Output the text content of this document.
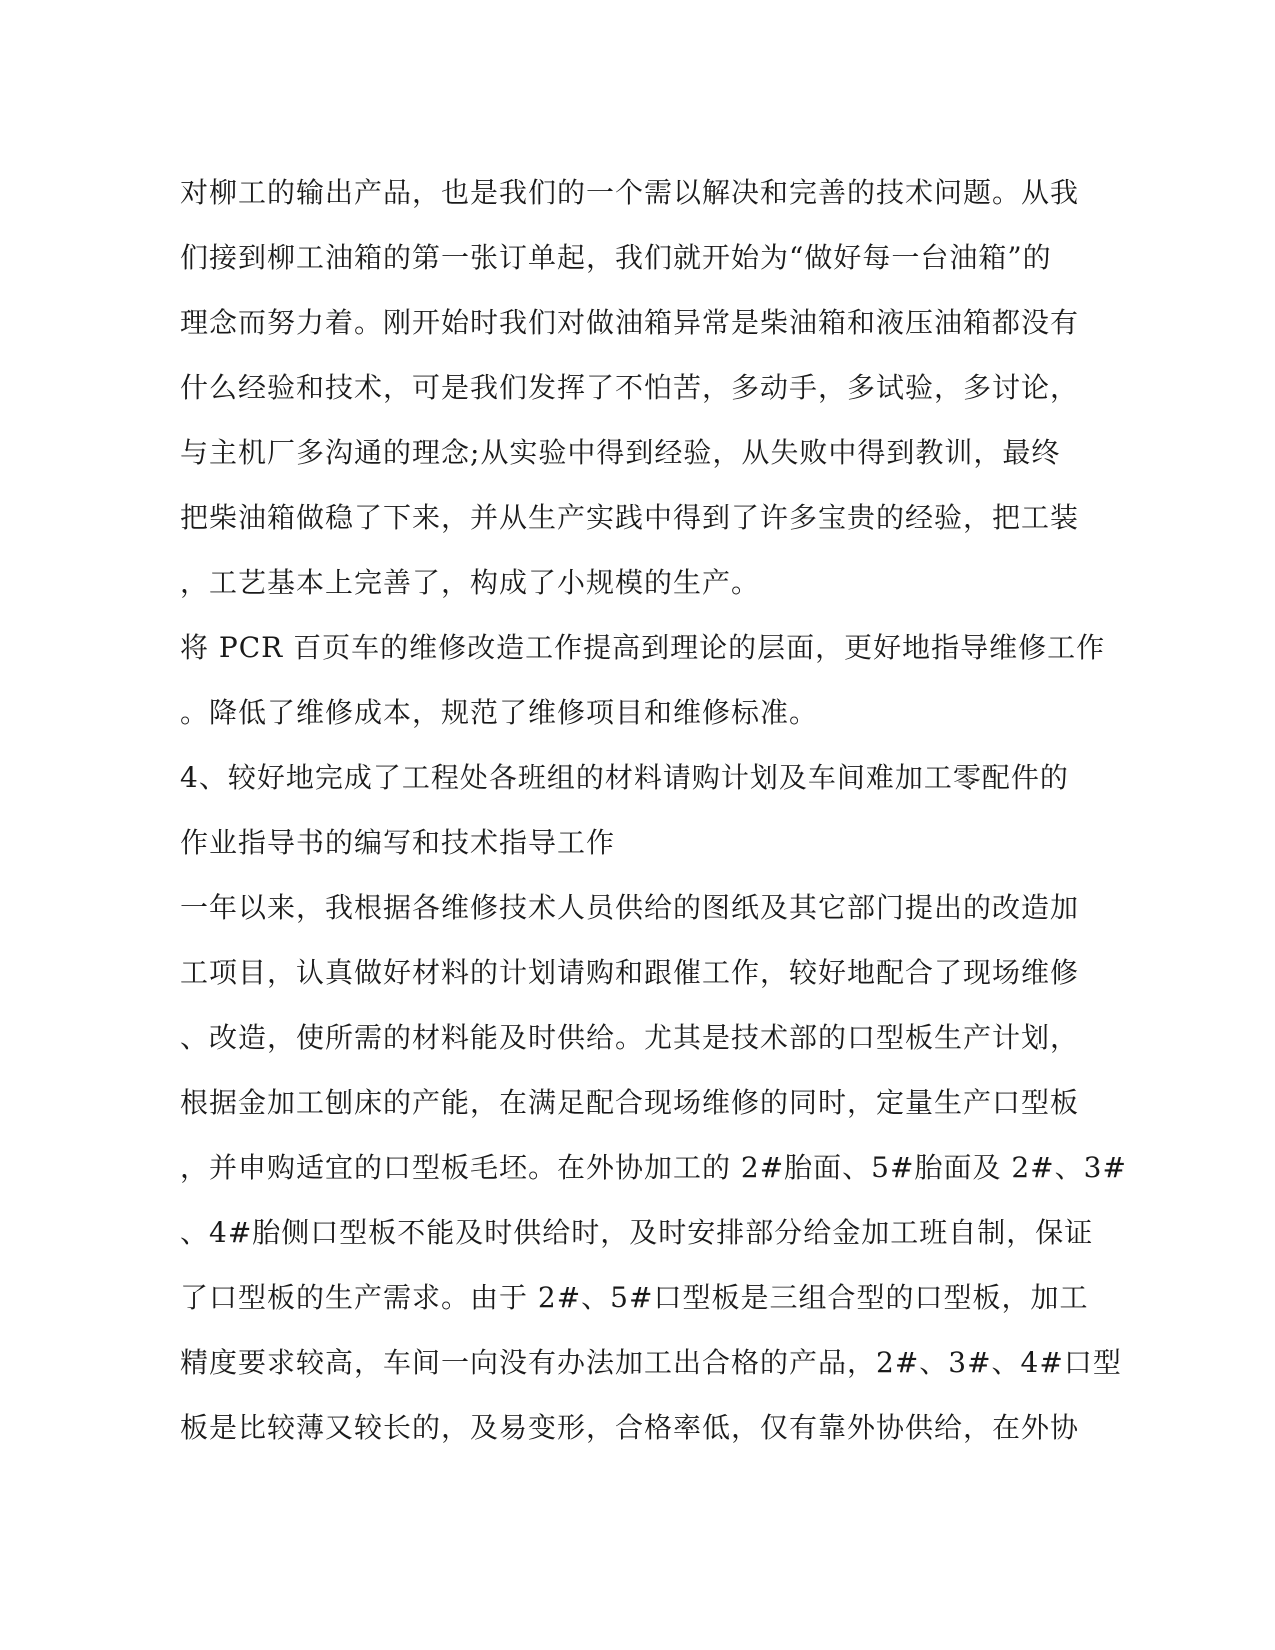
对柳工的输出产品，也是我们的一个需以解决和完善的技术问题。从我
们接到柳工油箱的第一张订单起，我们就开始为“做好每一台油箱”的
理念而努力着。刚开始时我们对做油箱异常是柴油箱和液压油箱都没有
什么经验和技术，可是我们发挥了不怕苦，多动手，多试验，多讨论，
与主机厂多沟通的理念;从实验中得到经验，从失败中得到教训，最终
把柴油箱做稳了下来，并从生产实践中得到了许多宝贵的经验，把工装
，工艺基本上完善了，构成了小规模的生产。
将 PCR 百页车的维修改造工作提高到理论的层面，更好地指导维修工作
。降低了维修成本，规范了维修项目和维修标准。
4、较好地完成了工程处各班组的材料请购计划及车间难加工零配件的
作业指导书的编写和技术指导工作
一年以来，我根据各维修技术人员供给的图纸及其它部门提出的改造加
工项目，认真做好材料的计划请购和跟催工作，较好地配合了现场维修
、改造，使所需的材料能及时供给。尤其是技术部的口型板生产计划，
根据金加工刨床的产能，在满足配合现场维修的同时，定量生产口型板
，并申购适宜的口型板毛坯。在外协加工的 2#胎面、5#胎面及 2#、3#
、4#胎侧口型板不能及时供给时，及时安排部分给金加工班自制，保证
了口型板的生产需求。由于 2#、5#口型板是三组合型的口型板，加工
精度要求较高，车间一向没有办法加工出合格的产品，2#、3#、4#口型
板是比较薄又较长的，及易变形，合格率低，仅有靠外协供给，在外协
